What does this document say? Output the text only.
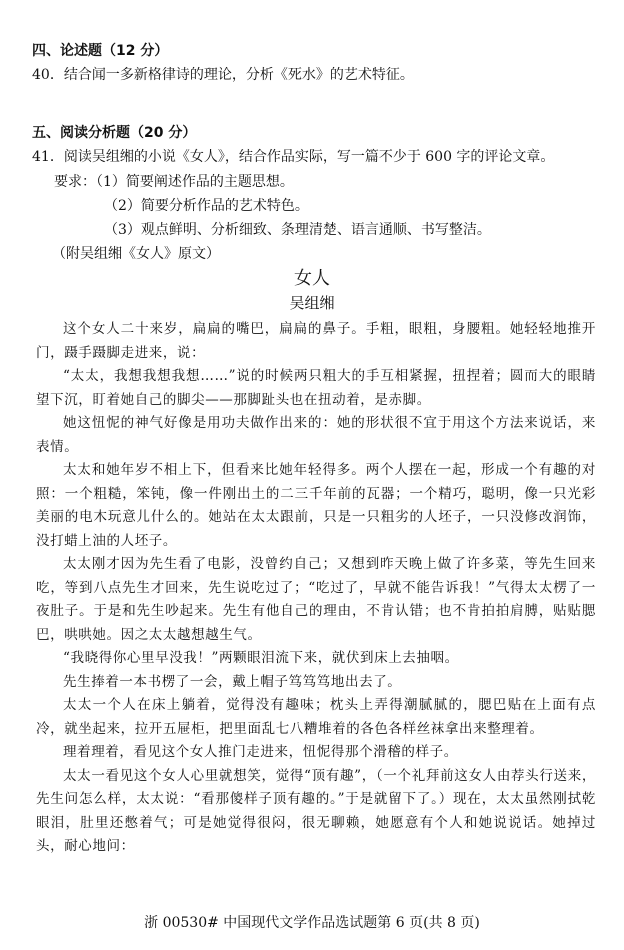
四、论述题（12 分）
40．结合闻一多新格律诗的理论，分析《死水》的艺术特征。
五、阅读分析题（20 分）
41．阅读吴组缃的小说《女人》，结合作品实际，写一篇不少于 600 字的评论文章。
要求：（1）简要阐述作品的主题思想。
（2）简要分析作品的艺术特色。
（3）观点鲜明、分析细致、条理清楚、语言通顺、书写整洁。
（附吴组缃《女人》原文）
女人
吴组缃

这个女人二十来岁，扁扁的嘴巴，扁扁的鼻子。手粗，眼粗，身腰粗。她轻轻地推开门，蹑手蹑脚走进来，说：

“太太，我想我想我想……”说的时候两只粗大的手互相紧握，扭捏着；圆而大的眼睛望下沉，盯着她自己的脚尖——那脚趾头也在扭动着，是赤脚。

她这忸怩的神气好像是用功夫做作出来的：她的形状很不宜于用这个方法来说话，来表情。

太太和她年岁不相上下，但看来比她年轻得多。两个人摆在一起，形成一个有趣的对照：一个粗糙，笨钝，像一件刚出土的二三千年前的瓦器；一个精巧，聪明，像一只光彩美丽的电木玩意儿什么的。她站在太太跟前，只是一只粗劣的人坯子，一只没修改润饰，没打蜡上油的人坯子。

太太刚才因为先生看了电影，没曾约自己；又想到昨天晚上做了许多菜，等先生回来吃，等到八点先生才回来，先生说吃过了；“吃过了，早就不能告诉我！”气得太太楞了一夜肚子。于是和先生吵起来。先生有他自己的理由，不肯认错；也不肯拍拍肩膊，贴贴腮巴，哄哄她。因之太太越想越生气。

“我晓得你心里早没我！”两颗眼泪流下来，就伏到床上去抽咽。

先生捧着一本书楞了一会，戴上帽子笃笃笃地出去了。

太太一个人在床上躺着，觉得没有趣味；枕头上弄得潮腻腻的，腮巴贴在上面有点冷，就坐起来，拉开五屉柜，把里面乱七八糟堆着的各色各样丝袜拿出来整理着。

理着理着，看见这个女人推门走进来，忸怩得那个滑稽的样子。

太太一看见这个女人心里就想笑，觉得“顶有趣”，（一个礼拜前这女人由荐头行送来，先生问怎么样，太太说：“看那傻样子顶有趣的。”于是就留下了。）现在，太太虽然刚拭乾眼泪，肚里还憋着气；可是她觉得很闷，很无聊赖，她愿意有个人和她说说话。她掉过头，耐心地问：

浙 00530# 中国现代文学作品选试题第 6 页(共 8 页)
